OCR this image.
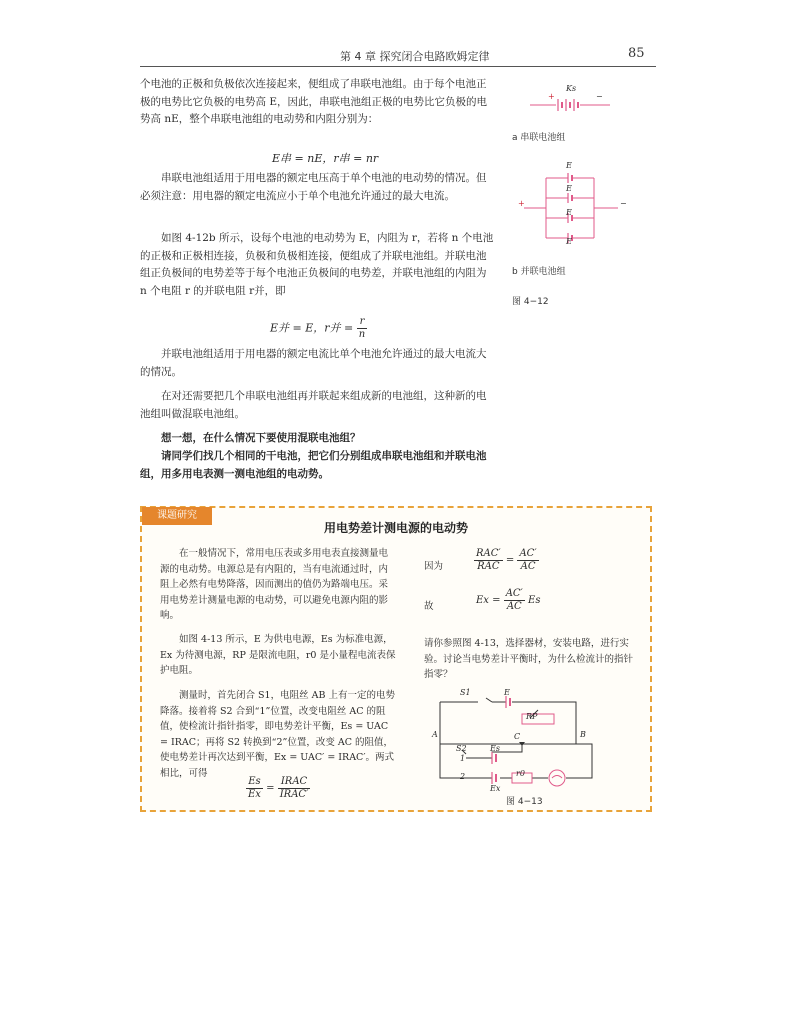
第 4 章 探究闭合电路欧姆定律	85

个电池的正极和负极依次连接起来，便组成了串联电池组。由于每个电池正极的电势比它负极的电势高 E，因此，串联电池组正极的电势比它负极的电势高 nE，整个串联电池组的电动势和内阻分别为：

E串 = nE，r串 = nr

串联电池组适用于用电器的额定电压高于单个电池的电动势的情况。但必须注意：用电器的额定电流应小于单个电池允许通过的最大电流。

如图 4-12b 所示，设每个电池的电动势为 E，内阻为 r，若将 n 个电池的正极和正极相连接，负极和负极相连接，便组成了并联电池组。并联电池组正负极间的电势差等于每个电池正负极间的电势差，并联电池组的内阻为 n 个电阻 r 的并联电阻 r并，即

E并 = E，r并 = $\frac{r}{n}$

并联电池组适用于用电器的额定电流比单个电池允许通过的最大电流大的情况。

在对还需要把几个串联电池组再并联起来组成新的电池组，这种新的电池组叫做混联电池组。

想一想，在什么情况下要使用混联电池组？

请同学们找几个相同的干电池，把它们分别组成串联电池组和并联电池组，用多用电表测一测电池组的电动势。

Ks
+	−
a 串联电池组
E
E
E
E
+	−
b 并联电池组
图 4−12
课题研究
用电势差计测电源的电动势

在一般情况下，常用电压表或多用电表直接测量电源的电动势。电源总是有内阻的，当有电流通过时，内阻上必然有电势降落，因而测出的值仍为路端电压。采用电势差计测量电源的电动势，可以避免电源内阻的影响。

如图 4-13 所示，E 为供电电源，Es 为标准电源，Ex 为待测电源，RP 是限流电阻，r0 是小量程电流表保护电阻。

测量时，首先闭合 S1，电阻丝 AB 上有一定的电势降落。接着将 S2 合到“1”位置，改变电阻丝 AC 的阻值，使检流计指针指零，即电势差计平衡，Es = UAC = IRAC；再将 S2 转换到“2”位置，改变 AC 的阻值，使电势差计再次达到平衡，Ex = UAC′ = IRAC′。两式相比，可得

$\frac{Es}{Ex} = \frac{\text{IRAC}}{\text{IRAC′}}$
因为	$\frac{\text{RAC′}}{\text{RAC}} = \frac{AC'}{AC}$
故
$Ex = \frac{AC'}{AC}$ Es

请你参照图 4-13，选择器材，安装电路，进行实验。讨论当电势差计平衡时，为什么检流计的指针指零？

S1	E
RP
A	B
C
S2	Es
Ex
r0
1
2
图 4−13
